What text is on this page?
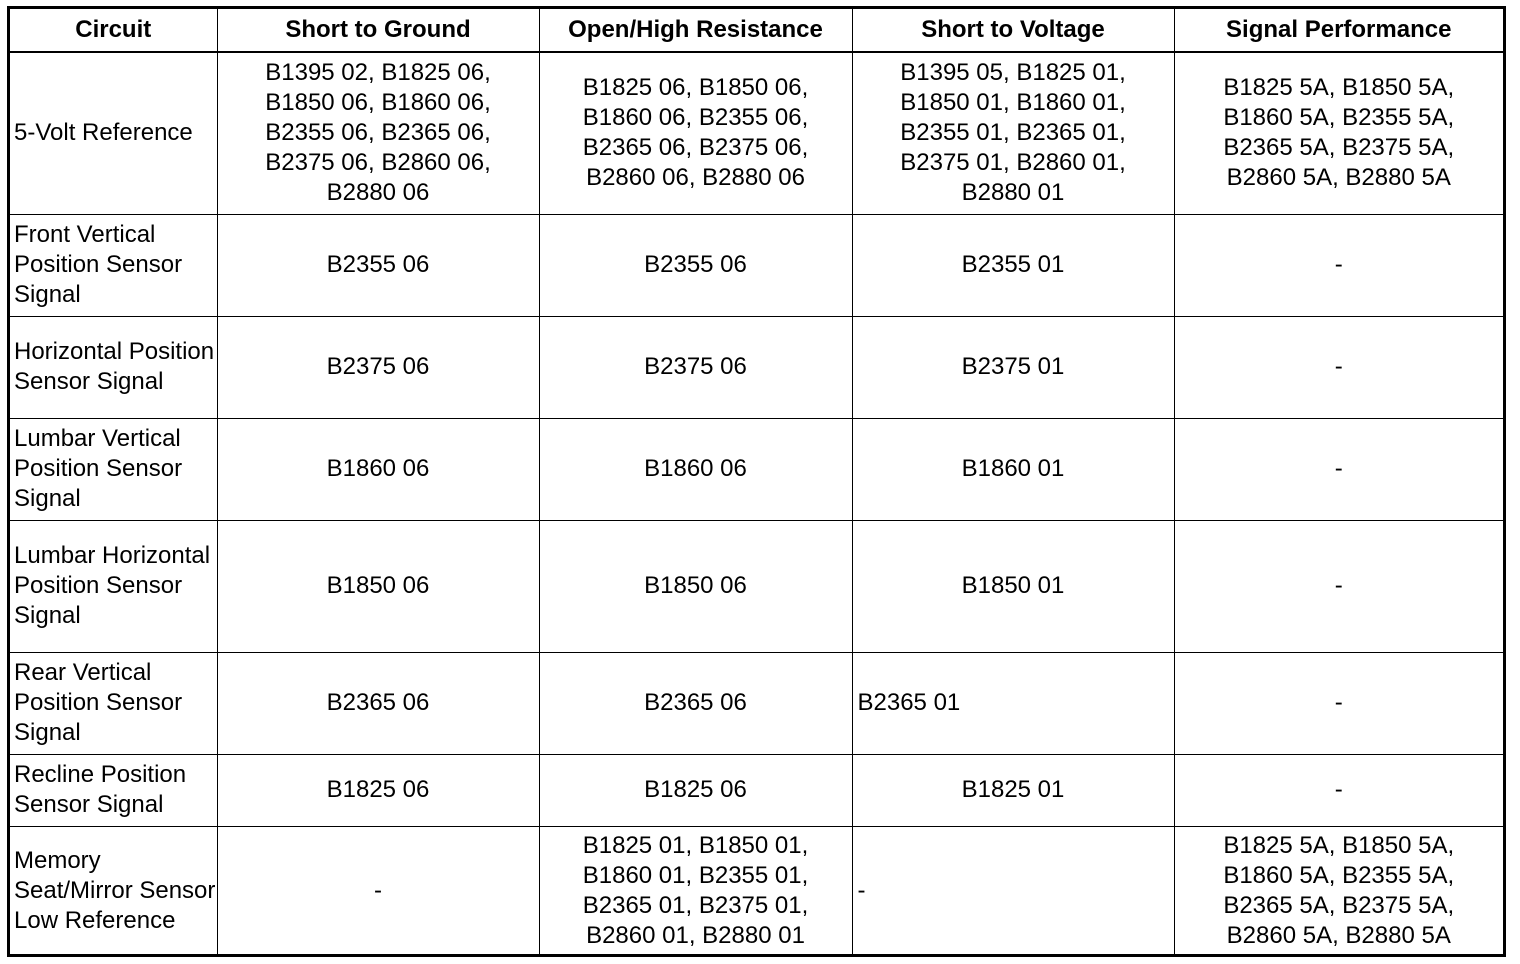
Circuit	Short to Ground	Open/High Resistance	Short to Voltage	Signal Performance
5-Volt Reference	B1395 02, B1825 06,
B1850 06, B1860 06,
B2355 06, B2365 06,
B2375 06, B2860 06,
B2880 06	B1825 06, B1850 06,
B1860 06, B2355 06,
B2365 06, B2375 06,
B2860 06, B2880 06	B1395 05, B1825 01,
B1850 01, B1860 01,
B2355 01, B2365 01,
B2375 01, B2860 01,
B2880 01	B1825 5A, B1850 5A,
B1860 5A, B2355 5A,
B2365 5A, B2375 5A,
B2860 5A, B2880 5A
Front Vertical Position Sensor Signal	B2355 06	B2355 06	B2355 01	-
Horizontal Position Sensor Signal	B2375 06	B2375 06	B2375 01	-
Lumbar Vertical Position Sensor Signal	B1860 06	B1860 06	B1860 01	-
Lumbar Horizontal Position Sensor Signal	B1850 06	B1850 06	B1850 01	-
Rear Vertical Position Sensor Signal	B2365 06	B2365 06	B2365 01	-
Recline Position Sensor Signal	B1825 06	B1825 06	B1825 01	-
Memory Seat/Mirror Sensor Low Reference	-	B1825 01, B1850 01,
B1860 01, B2355 01,
B2365 01, B2375 01,
B2860 01, B2880 01	-	B1825 5A, B1850 5A,
B1860 5A, B2355 5A,
B2365 5A, B2375 5A,
B2860 5A, B2880 5A
